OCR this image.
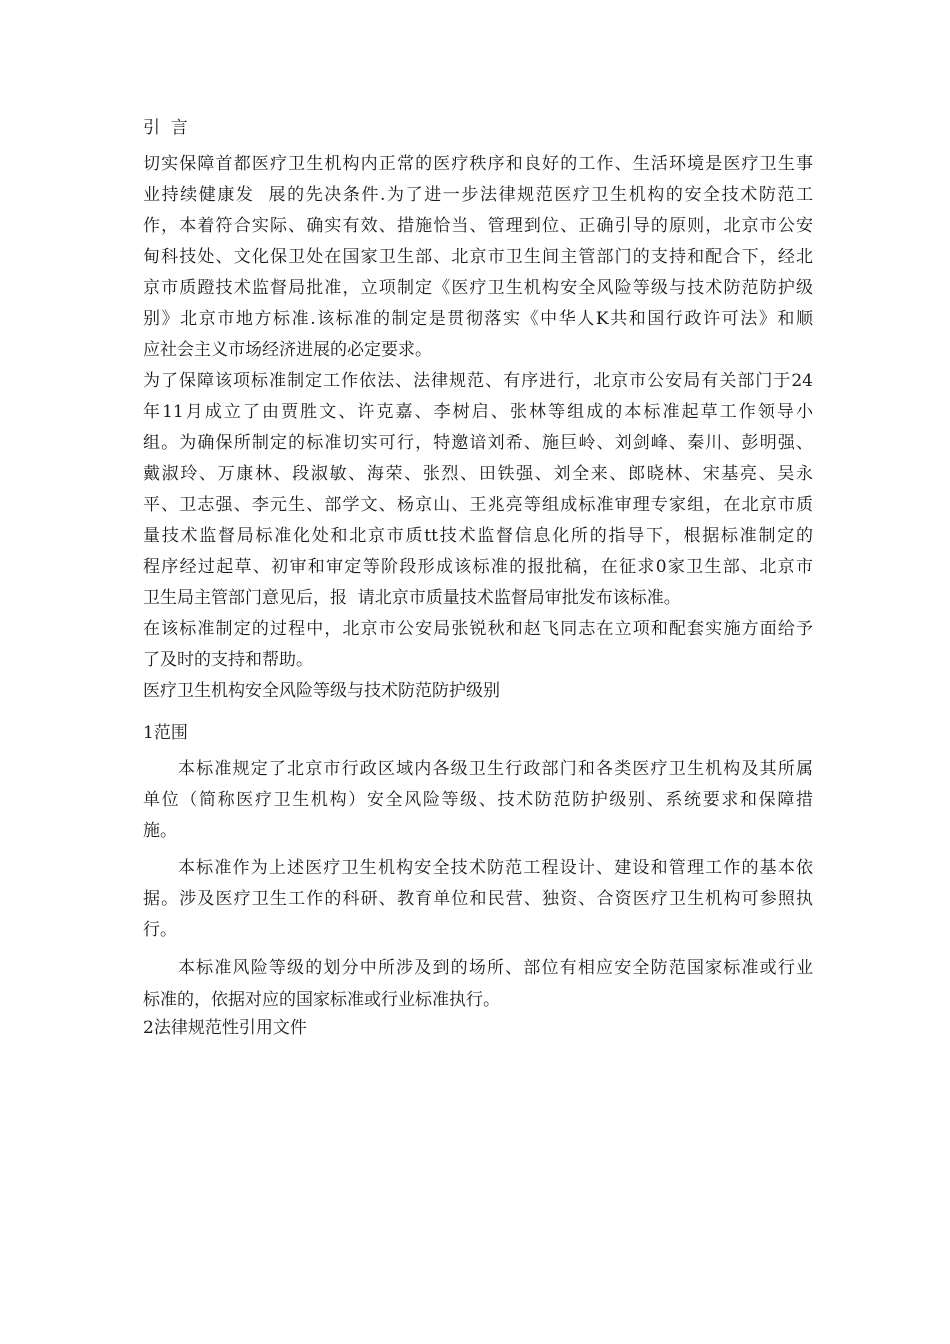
引  言
切实保障首都医疗卫生机构内正常的医疗秩序和良好的工作、生活环境是医疗卫生事
业持续健康发  展的先决条件.为了进一步法律规范医疗卫生机构的安全技术防范工
作，本着符合实际、确实有效、措施恰当、管理到位、正确引导的原则，北京市公安
甸科技处、文化保卫处在国家卫生部、北京市卫生间主管部门的支持和配合下，经北
京市质蹬技术监督局批准，立项制定《医疗卫生机构安全风险等级与技术防范防护级
别》北京市地方标准.该标准的制定是贯彻落实《中华人K共和国行政许可法》和顺
应社会主义市场经济进展的必定要求。
为了保障该项标准制定工作依法、法律规范、有序进行，北京市公安局有关部门于24
年11月成立了由贾胜文、许克嘉、李树启、张林等组成的本标准起草工作领导小
组。为确保所制定的标准切实可行，特邀谙刘希、施巨岭、刘剑峰、秦川、彭明强、
戴淑玲、万康林、段淑敏、海荣、张烈、田铁强、刘全来、郎晓林、宋基亮、吴永
平、卫志强、李元生、部学文、杨京山、王兆亮等组成标准审理专家组，在北京市质
量技术监督局标准化处和北京市质tt技术监督信息化所的指导下，根据标准制定的
程序经过起草、初审和审定等阶段形成该标准的报批稿，在征求0家卫生部、北京市
卫生局主管部门意见后，报  请北京市质量技术监督局审批发布该标准。
在该标准制定的过程中，北京市公安局张锐秋和赵飞同志在立项和配套实施方面给予
了及时的支持和帮助。
医疗卫生机构安全风险等级与技术防范防护级别
1范围
本标准规定了北京市行政区域内各级卫生行政部门和各类医疗卫生机构及其所属
单位（简称医疗卫生机构）安全风险等级、技术防范防护级别、系统要求和保障措
施。
本标准作为上述医疗卫生机构安全技术防范工程设计、建设和管理工作的基本依
据。涉及医疗卫生工作的科研、教育单位和民营、独资、合资医疗卫生机构可参照执
行。
本标准风险等级的划分中所涉及到的场所、部位有相应安全防范国家标准或行业
标准的，依据对应的国家标准或行业标准执行。
2法律规范性引用文件
